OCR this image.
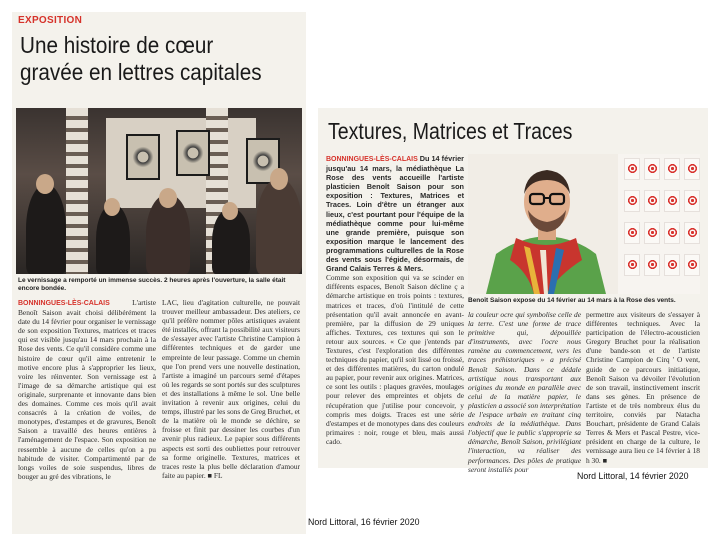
EXPOSITION
Une histoire de cœur
gravée en lettres capitales
Le vernissage a remporté un immense succès. 2 heures après l'ouverture, la salle était encore bondée.
BONNINGUES-LÈS-CALAIS	L'artiste Benoît Saison avait choisi délibérément la date du 14 février pour organiser le vernissage de son exposition Textures, matrices et traces qui est visible jusqu'au 14 mars prochain à la Rose des vents. Ce qu'il considère comme une histoire de cœur qu'il aime entretenir le motive encore plus à s'approprier les lieux, voire les réinventer. Son vernissage est à l'image de sa démarche artistique qui est originale, surprenante et innovante dans bien des domaines. Comme ces mois qu'il avait consacrés à la création de voiles, de monotypes, d'estampes et de gravures, Benoît Saison a travaillé des heures entières à l'aménagement de l'espace. Son exposition ne ressemble à aucune de celles qu'on a pu habitude de visiter. Compartimenté par de longs voiles de soie suspendus, libres de bouger au gré des vibrations, le
LAC, lieu d'agitation culturelle, ne pouvait trouver meilleur ambassadeur. Des ateliers, ce qu'il préfère nommer pôles artistiques avaient été installés, offrant la possibilité aux visiteurs de s'essayer avec l'artiste Christine Campion à différentes techniques et de garder une empreinte de leur passage. Comme un chemin que l'on prend vers une nouvelle destination, l'artiste a imaginé un parcours semé d'étapes où les regards se sont portés sur des sculptures et des installations à même le sol. Une belle invitation à revenir aux origines, celui du temps, illustré par les sons de Greg Bruchet, et de la matière où le monde se déchire, se froisse et finit par dessiner les courbes d'un avenir plus radieux. Le papier sous différents aspects est sorti des oubliettes pour retrouver sa forme originelle. Textures, matrices et traces reste la plus belle déclaration d'amour faite au papier. ■ FL
Nord Littoral, 16 février 2020
Textures, Matrices et Traces
BONNINGUES-LÈS-CALAIS Du 14 février jusqu'au 14 mars, la médiathèque La Rose des vents accueille l'artiste plasticien Benoît Saison pour son exposition : Textures, Matrices et Traces. Loin d'être un étranger aux lieux, c'est pourtant pour l'équipe de la médiathèque comme pour lui-même une grande première, puisque son exposition marque le lancement des programmations culturelles de la Rose des vents sous l'égide, désormais, de Grand Calais Terres & Mers.
Comme son exposition qui va se scinder en différents espaces, Benoît Saison décline ç a démarche artistique en trois points : textures, matrices et traces, d'où l'intitulé de cette présentation qu'il avait annoncée en avant-première, par la diffusion de 29 uniques affiches. Textures, ces textures qui son le retour aux sources. « Ce que j'entends par Textures, c'est l'exploration des différentes techniques du papier, qu'il soit lissé ou froissé, et des différentes matières, du carton ondulé au papier, pour revenir aux origines. Matrices, ce sont les outils : plaques gravées, moulages pour relever des empreintes et objets de récupération que j'utilise pour concevoir, y compris mes doigts. Traces est une série d'estampes et de monotypes dans des couleurs primaires : noir, rouge et bleu, mais aussi cado.
Benoît Saison expose du 14 février au 14 mars à la Rose des vents.
la couleur ocre qui symbolise celle de la terre. C'est une forme de trace primitive qui, dépouillée d'instruments, avec l'ocre nous ramène au commencement, vers les traces préhistoriques » a précisé Benoît Saison. Dans ce dédale artistique nous transportant aux origines du monde en parallèle avec celui de la matière papier, le plasticien a associé son interprétation de l'espace urbain en traitant cinq endroits de la médiathèque. Dans l'objectif que le public s'approprie sa démarche, Benoît Saison, privilégiant l'interaction, va réaliser des performances. Des pôles de pratique seront installés pour
permettre aux visiteurs de s'essayer à différentes techniques. Avec la participation de l'électro-acousticien Gregory Bruchet pour la réalisation d'une bande-son et de l'artiste Christine Campion de Cirq ' O vent, guide de ce parcours initiatique, Benoît Saison va dévoiler l'évolution de son travail, instinctivement inscrit dans ses gènes. En présence de l'artiste et de très nombreux élus du territoire, conviés par Natacha Bouchart, présidente de Grand Calais Terres & Mers et Pascal Pestre, vice-président en charge de la culture, le vernissage aura lieu ce 14 février à 18 h 30. ■
Nord Littoral, 14 février 2020
